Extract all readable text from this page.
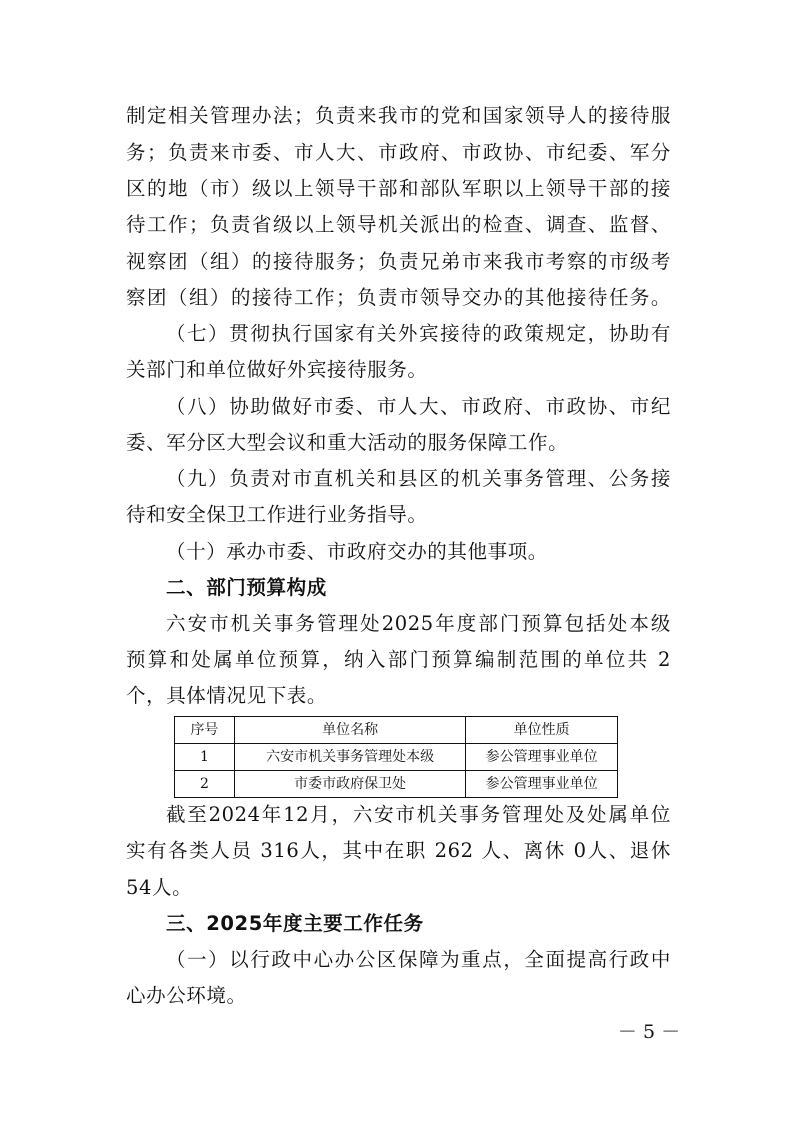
制定相关管理办法；负责来我市的党和国家领导人的接待服
务；负责来市委、市人大、市政府、市政协、市纪委、军分
区的地（市）级以上领导干部和部队军职以上领导干部的接
待工作；负责省级以上领导机关派出的检查、调查、监督、
视察团（组）的接待服务；负责兄弟市来我市考察的市级考
察团（组）的接待工作；负责市领导交办的其他接待任务。
（七）贯彻执行国家有关外宾接待的政策规定，协助有
关部门和单位做好外宾接待服务。
（八）协助做好市委、市人大、市政府、市政协、市纪
委、军分区大型会议和重大活动的服务保障工作。
（九）负责对市直机关和县区的机关事务管理、公务接
待和安全保卫工作进行业务指导。
（十）承办市委、市政府交办的其他事项。
二、部门预算构成
六安市机关事务管理处2025年度部门预算包括处本级
预算和处属单位预算，纳入部门预算编制范围的单位共 2
个，具体情况见下表。
序号	单位名称	单位性质
1	六安市机关事务管理处本级	参公管理事业单位
2	市委市政府保卫处	参公管理事业单位
截至2024年12月，六安市机关事务管理处及处属单位
实有各类人员 316人，其中在职 262 人、离休 0人、退休
54人。
三、2025年度主要工作任务
（一）以行政中心办公区保障为重点，全面提高行政中
心办公环境。
－ 5 －
